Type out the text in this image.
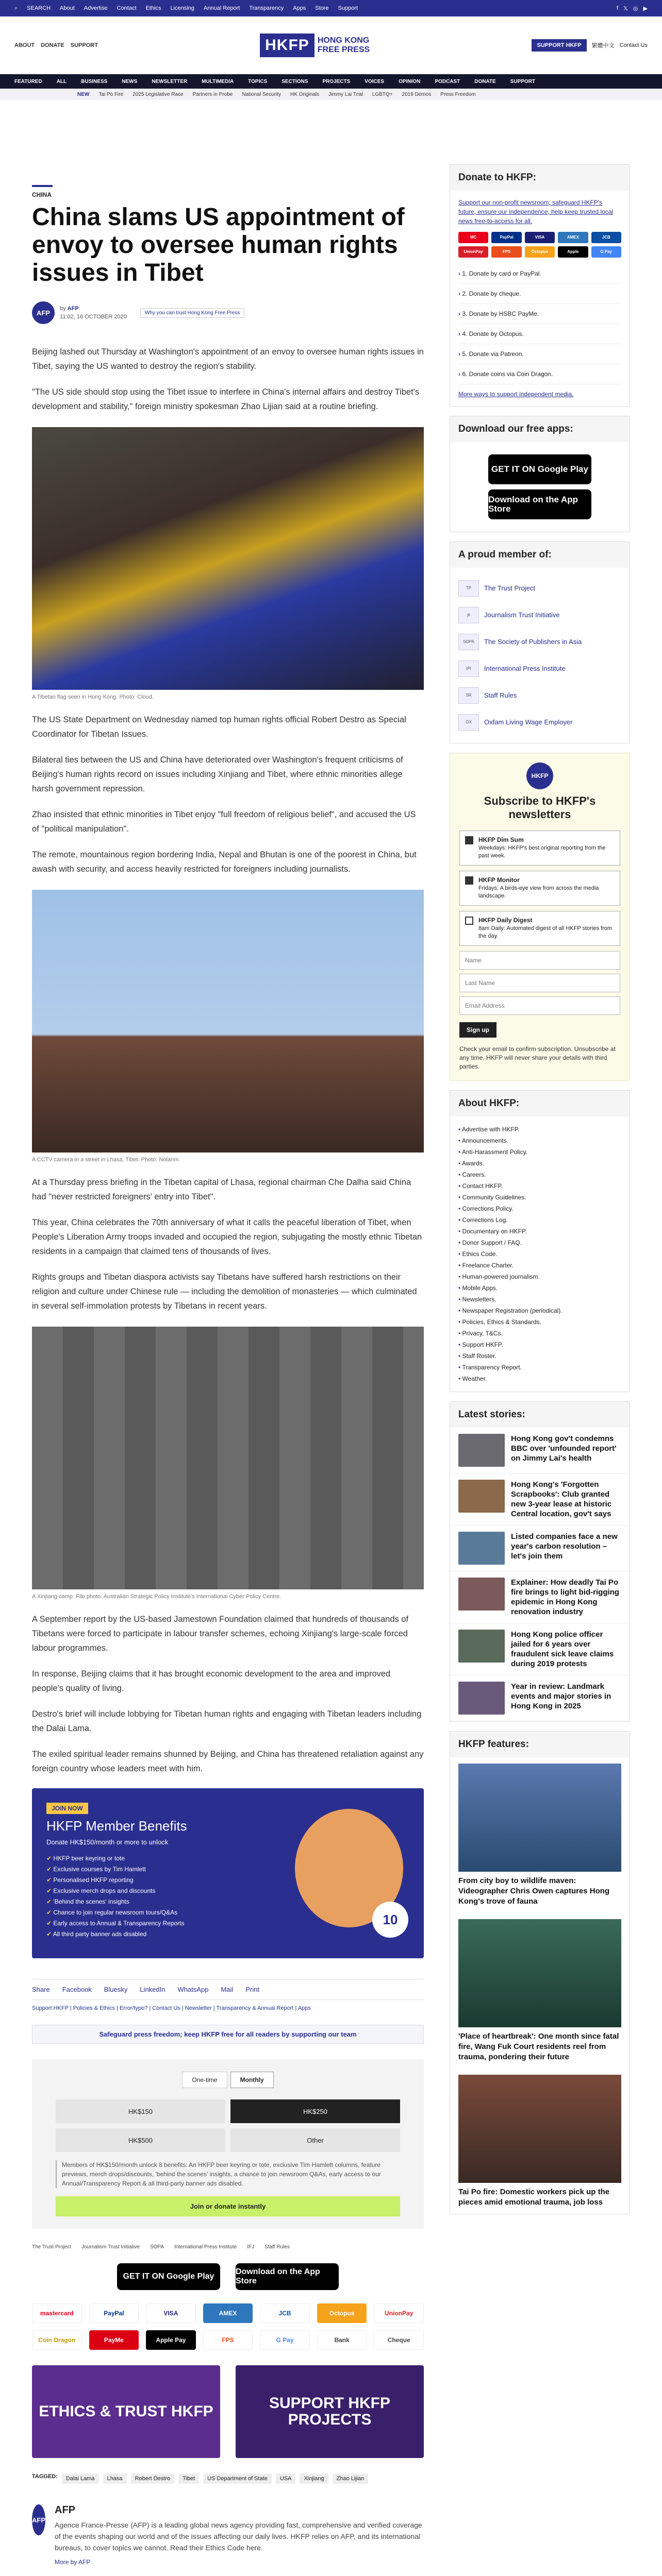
⌕ SEARCH About Advertise Contact Ethics Licensing Annual Report Transparency Apps Store Support	f 𝕏 ◎ ▶
ABOUT DONATE SUPPORT	HKFP	HONG KONG
FREE PRESS	SUPPORT HKFP	繁體中文 Contact Us
FEATURED	ALL	BUSINESS	NEWS	NEWSLETTER	MULTIMEDIA	TOPICS	SECTIONS	PROJECTS	VOICES	OPINION	PODCAST	DONATE	SUPPORT
NEW Tai Po Fire 2025 Legislative Race Partners in Probe National Security HK Originals Jimmy Lai Trial LGBTQ+ 2019 Demos Press Freedom
CHINA
China slams US appointment of envoy to oversee human rights issues in Tibet
AFP
by AFP
11:02, 16 OCTOBER 2020
Why you can trust Hong Kong Free Press

Beijing lashed out Thursday at Washington's appointment of an envoy to oversee human rights issues in Tibet, saying the US wanted to destroy the region's stability.

"The US side should stop using the Tibet issue to interfere in China's internal affairs and destroy Tibet's development and stability," foreign ministry spokesman Zhao Lijian said at a routine briefing.

A Tibetan flag seen in Hong Kong. Photo: Cloud.

The US State Department on Wednesday named top human rights official Robert Destro as Special Coordinator for Tibetan Issues.

Bilateral ties between the US and China have deteriorated over Washington's frequent criticisms of Beijing's human rights record on issues including Xinjiang and Tibet, where ethnic minorities allege harsh government repression.

Zhao insisted that ethnic minorities in Tibet enjoy "full freedom of religious belief", and accused the US of "political manipulation".

The remote, mountainous region bordering India, Nepal and Bhutan is one of the poorest in China, but awash with security, and access heavily restricted for foreigners including journalists.

A CCTV camera in a street in Lhasa, Tibet. Photo: Nolanm.

At a Thursday press briefing in the Tibetan capital of Lhasa, regional chairman Che Dalha said China had "never restricted foreigners' entry into Tibet".

This year, China celebrates the 70th anniversary of what it calls the peaceful liberation of Tibet, when People's Liberation Army troops invaded and occupied the region, subjugating the mostly ethnic Tibetan residents in a campaign that claimed tens of thousands of lives.

Rights groups and Tibetan diaspora activists say Tibetans have suffered harsh restrictions on their religion and culture under Chinese rule — including the demolition of monasteries — which culminated in several self-immolation protests by Tibetans in recent years.

A Xinjiang camp. File photo: Australian Strategic Policy Institute's International Cyber Policy Centre.

A September report by the US-based Jamestown Foundation claimed that hundreds of thousands of Tibetans were forced to participate in labour transfer schemes, echoing Xinjiang's large-scale forced labour programmes.

In response, Beijing claims that it has brought economic development to the area and improved people's quality of living.

Destro's brief will include lobbying for Tibetan human rights and engaging with Tibetan leaders including the Dalai Lama.

The exiled spiritual leader remains shunned by Beijing, and China has threatened retaliation against any foreign country whose leaders meet with him.

JOIN NOW
HKFP Member Benefits
Donate HK$150/month or more to unlock
✔ HKFP beer keyring or tote
✔ Exclusive courses by Tim Hamlett
✔ Personalised HKFP reporting
✔ Exclusive merch drops and discounts
✔ 'Behind the scenes' insights
✔ Chance to join regular newsroom tours/Q&As
✔ Early access to Annual & Transparency Reports
✔ All third party banner ads disabled
10
Share Facebook Bluesky LinkedIn WhatsApp Mail Print
Support HKFP | Policies & Ethics | Error/typo? | Contact Us | Newsletter | Transparency & Annual Report | Apps
Safeguard press freedom; keep HKFP free for all readers by supporting our team
One-time	Monthly
HK$150	HK$250
HK$500	Other
Members of HK$150/month unlock 8 benefits: An HKFP beer keyring or tote, exclusive Tim Hamlett columns, feature previews, merch drops/discounts, 'behind the scenes' insights, a chance to join newsroom Q&As, early access to our Annual/Transparency Report & all third-party banner ads disabled.
Join or donate instantly
The Trust Project Journalism Trust Initiative SOPA International Press Institute IFJ Staff Rules
GET IT ON Google Play
Download on the App Store
mastercard	PayPal	VISA	AMEX	JCB	Octopus	UnionPay
Coin Dragon	PayMe	Apple Pay	FPS	G Pay	Bank	Cheque
ETHICS & TRUST HKFP	SUPPORT HKFP PROJECTS
TAGGED:	Dalai Lama	Lhasa	Robert Destro	Tibet	US Department of State	USA	Xinjiang	Zhao Lijian
AFP
AFP

Agence France-Presse (AFP) is a leading global news agency providing fast, comprehensive and verified coverage of the events shaping our world and of the issues affecting our daily lives. HKFP relies on AFP, and its international bureaus, to cover topics we cannot. Read their Ethics Code here.

More by AFP

Donate to HKFP:
Support our non-profit newsroom; safeguard HKFP's future, ensure our independence, help keep trusted local news free-to-access for all.
MC	PayPal	VISA	AMEX	JCB
UnionPay	FPS	Octopus	Apple	G Pay
› 1. Donate by card or PayPal.
› 2. Donate by cheque.
› 3. Donate by HSBC PayMe.
› 4. Donate by Octopus.
› 5. Donate via Patreon.
› 6. Donate coins via Coin Dragon.
More ways to support independent media.
Download our free apps:
GET IT ON Google Play
Download on the App Store
A proud member of:
TP	The Trust Project
jti	Journalism Trust Initiative
SOPA	The Society of Publishers in Asia
IPI	International Press Institute
SR	Staff Rules
OX	Oxfam Living Wage Employer
HKFP
Subscribe to HKFP's newsletters
HKFP Dim Sum
Weekdays: HKFP's best original reporting from the past week.
HKFP Monitor
Fridays: A birds-eye view from across the media landscape.
HKFP Daily Digest
8am Daily: Automated digest of all HKFP stories from the day.
Name Last Name Email Address Sign up
Check your email to confirm subscription. Unsubscribe at any time. HKFP will never share your details with third parties.
About HKFP:
• Advertise with HKFP.
• Announcements.
• Anti-Harassment Policy.
• Awards.
• Careers.
• Contact HKFP.
• Community Guidelines.
• Corrections Policy.
• Corrections Log.
• Documentary on HKFP.
• Donor Support / FAQ.
• Ethics Code.
• Freelance Charter.
• Human-powered journalism.
• Mobile Apps.
• Newsletters.
• Newspaper Registration (periodical).
• Policies, Ethics & Standards.
• Privacy, T&Cs.
• Support HKFP.
• Staff Roster.
• Transparency Report.
• Weather.
Latest stories:
Hong Kong gov't condemns BBC over 'unfounded report' on Jimmy Lai's health
Hong Kong's 'Forgotten Scrapbooks': Club granted new 3-year lease at historic Central location, gov't says
Listed companies face a new year's carbon resolution – let's join them
Explainer: How deadly Tai Po fire brings to light bid-rigging epidemic in Hong Kong renovation industry
Hong Kong police officer jailed for 6 years over fraudulent sick leave claims during 2019 protests
Year in review: Landmark events and major stories in Hong Kong in 2025
HKFP features:
From city boy to wildlife maven: Videographer Chris Owen captures Hong Kong's trove of fauna
'Place of heartbreak': One month since fatal fire, Wang Fuk Court residents reel from trauma, pondering their future
Tai Po fire: Domestic workers pick up the pieces amid emotional trauma, job loss
